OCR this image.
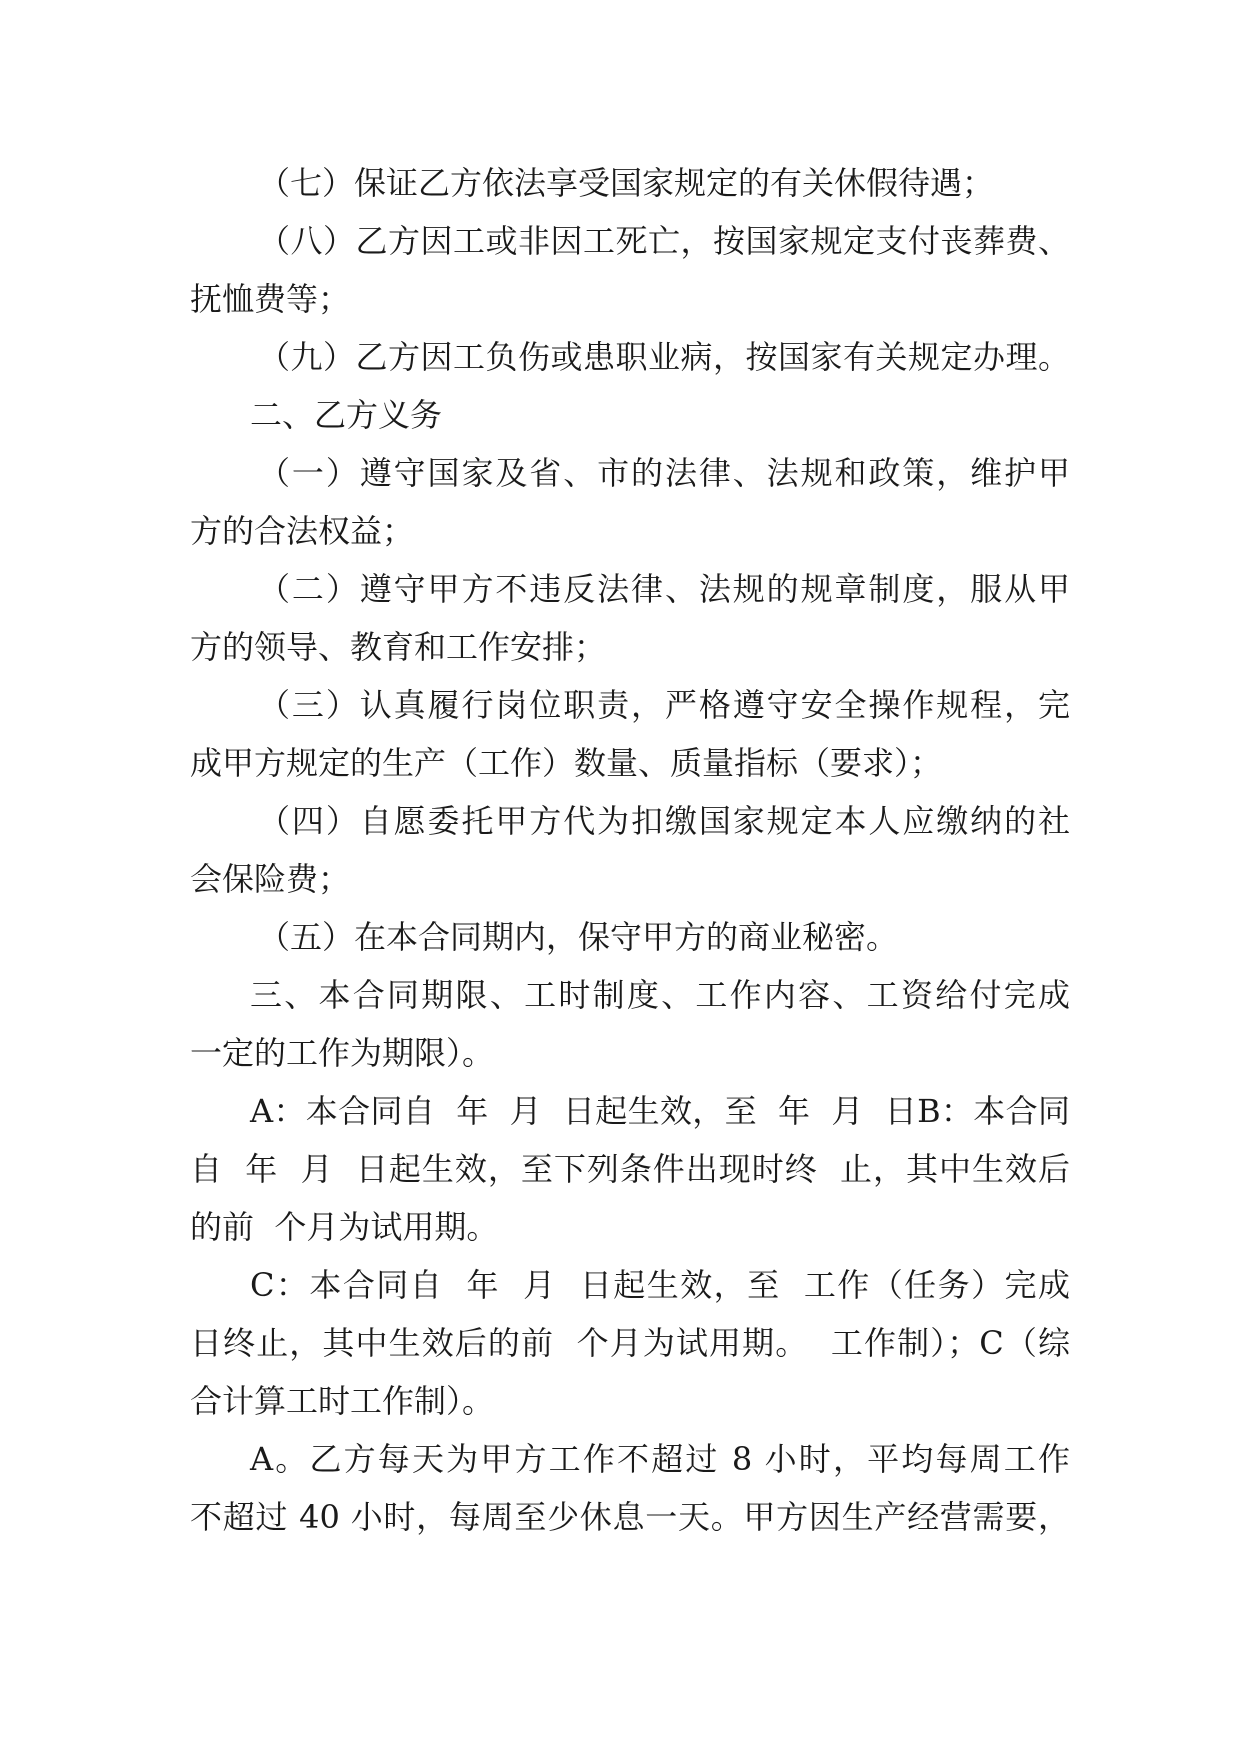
（七）保证乙方依法享受国家规定的有关休假待遇；
（八）乙方因工或非因工死亡，按国家规定支付丧葬费、
抚恤费等；
（九）乙方因工负伤或患职业病，按国家有关规定办理。
二、乙方义务
（一）遵守国家及省、市的法律、法规和政策，维护甲
方的合法权益；
（二）遵守甲方不违反法律、法规的规章制度，服从甲
方的领导、教育和工作安排；
（三）认真履行岗位职责，严格遵守安全操作规程，完
成甲方规定的生产（工作）数量、质量指标（要求）；
（四）自愿委托甲方代为扣缴国家规定本人应缴纳的社
会保险费；
（五）在本合同期内，保守甲方的商业秘密。
三、本合同期限、工时制度、工作内容、工资给付完成
一定的工作为期限）。
A：本合同自  年  月  日起生效，至  年  月  日B：本合同
自  年  月  日起生效，至下列条件出现时终  止，其中生效后
的前  个月为试用期。
C：本合同自  年  月  日起生效，至  工作（任务）完成
日终止，其中生效后的前  个月为试用期。  工作制）；C（综
合计算工时工作制）。
A。乙方每天为甲方工作不超过 8 小时，平均每周工作
不超过 40 小时，每周至少休息一天。甲方因生产经营需要，
